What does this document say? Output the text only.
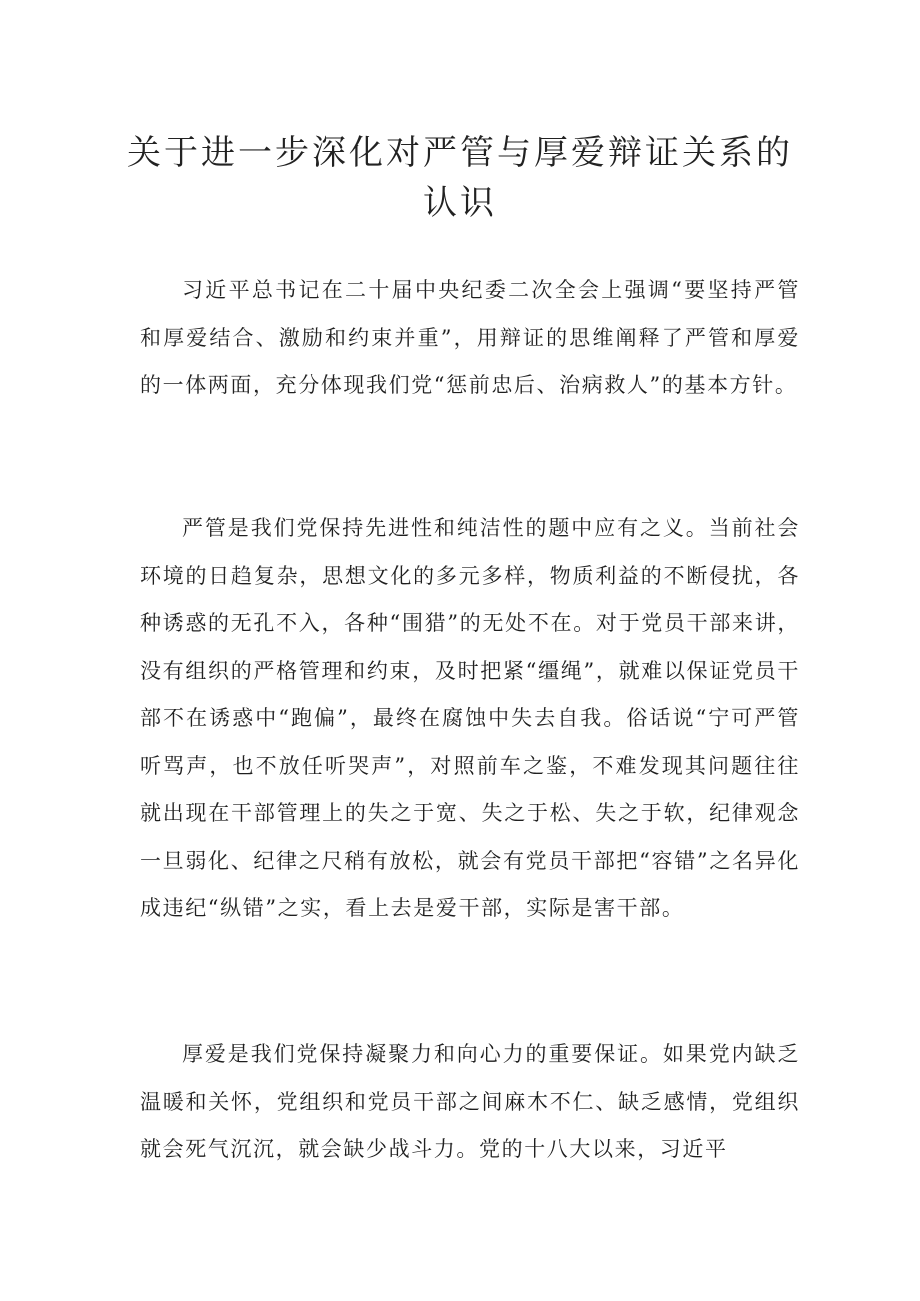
关于进一步深化对严管与厚爱辩证关系的
认识

习近平总书记在二十届中央纪委二次全会上强调“要坚持严管和厚爱结合、激励和约束并重”，用辩证的思维阐释了严管和厚爱的一体两面，充分体现我们党“惩前忠后、治病救人”的基本方针。

严管是我们党保持先进性和纯洁性的题中应有之义。当前社会环境的日趋复杂，思想文化的多元多样，物质利益的不断侵扰，各种诱惑的无孔不入，各种“围猎”的无处不在。对于党员干部来讲，没有组织的严格管理和约束，及时把紧“缰绳”，就难以保证党员干部不在诱惑中“跑偏”，最终在腐蚀中失去自我。俗话说“宁可严管听骂声，也不放任听哭声”，对照前车之鉴，不难发现其问题往往就出现在干部管理上的失之于宽、失之于松、失之于软，纪律观念一旦弱化、纪律之尺稍有放松，就会有党员干部把“容错”之名异化成违纪“纵错”之实，看上去是爱干部，实际是害干部。

厚爱是我们党保持凝聚力和向心力的重要保证。如果党内缺乏温暖和关怀，党组织和党员干部之间麻木不仁、缺乏感情，党组织就会死气沉沉，就会缺少战斗力。党的十八大以来，习近平
